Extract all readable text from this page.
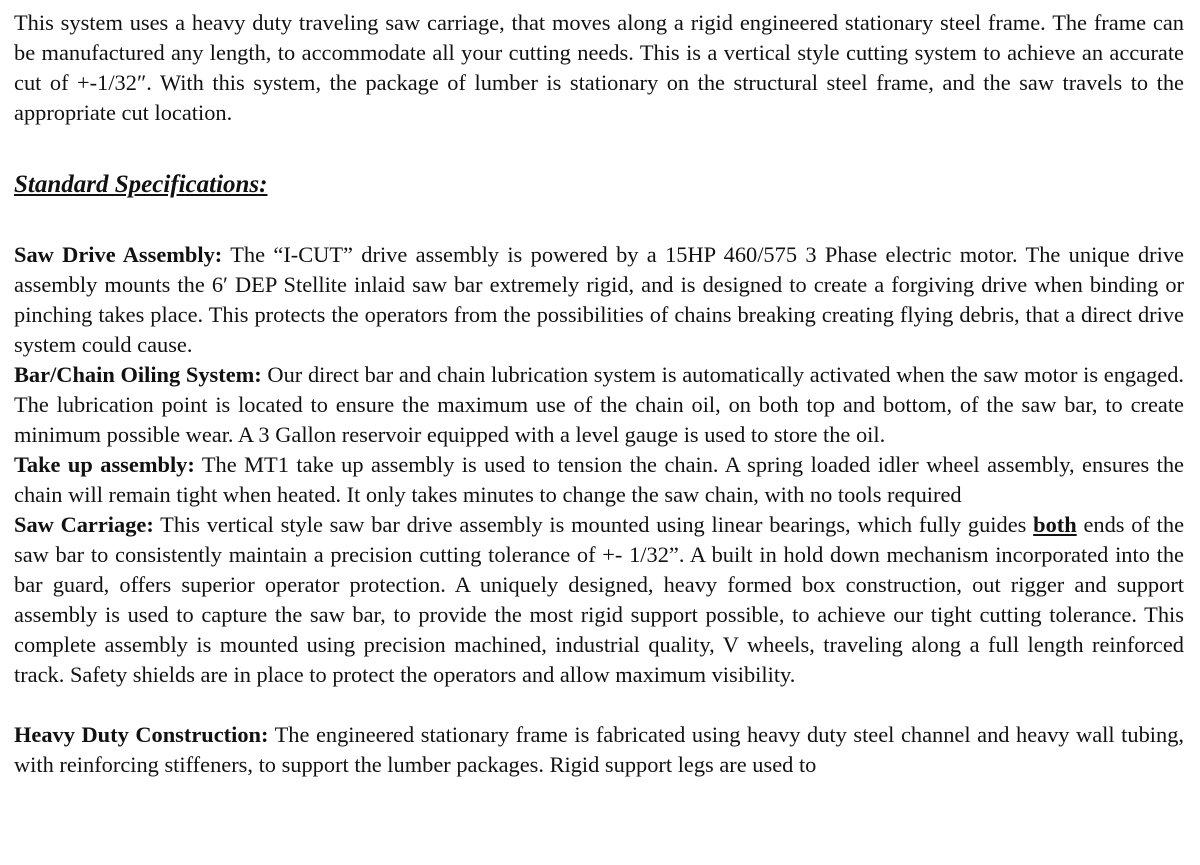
This system uses a heavy duty traveling saw carriage, that moves along a rigid engineered stationary steel frame. The frame can be manufactured any length, to accommodate all your cutting needs. This is a vertical style cutting system to achieve an accurate cut of +-1/32″. With this system, the package of lumber is stationary on the structural steel frame, and the saw travels to the appropriate cut location.

Standard Specifications:

Saw Drive Assembly: The “I-CUT” drive assembly is powered by a 15HP 460/575 3 Phase electric motor. The unique drive assembly mounts the 6′ DEP Stellite inlaid saw bar extremely rigid, and is designed to create a forgiving drive when binding or pinching takes place. This protects the operators from the possibilities of chains breaking creating flying debris, that a direct drive system could cause.

Bar/Chain Oiling System: Our direct bar and chain lubrication system is automatically activated when the saw motor is engaged. The lubrication point is located to ensure the maximum use of the chain oil, on both top and bottom, of the saw bar, to create minimum possible wear. A 3 Gallon reservoir equipped with a level gauge is used to store the oil.

Take up assembly: The MT1 take up assembly is used to tension the chain. A spring loaded idler wheel assembly, ensures the chain will remain tight when heated. It only takes minutes to change the saw chain, with no tools required

Saw Carriage: This vertical style saw bar drive assembly is mounted using linear bearings, which fully guides both ends of the saw bar to consistently maintain a precision cutting tolerance of +- 1/32”. A built in hold down mechanism incorporated into the bar guard, offers superior operator protection. A uniquely designed, heavy formed box construction, out rigger and support assembly is used to capture the saw bar, to provide the most rigid support possible, to achieve our tight cutting tolerance. This complete assembly is mounted using precision machined, industrial quality, V wheels, traveling along a full length reinforced track. Safety shields are in place to protect the operators and allow maximum visibility.

Heavy Duty Construction: The engineered stationary frame is fabricated using heavy duty steel channel and heavy wall tubing, with reinforcing stiffeners, to support the lumber packages. Rigid support legs are used to
